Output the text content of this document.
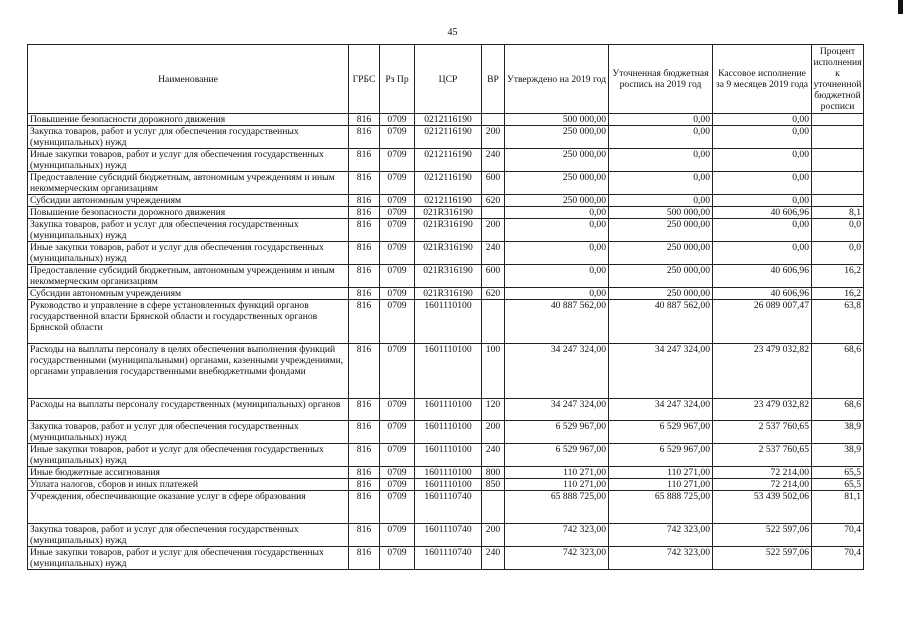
45
Наименование	ГРБС	Рз Пр	ЦСР	ВР	Утверждено на 2019 год	Уточненная бюджетная роспись на 2019 год	Кассовое исполнение за 9 месяцев 2019 года	Процент исполнения к уточненной бюджетной росписи
Повышение безопасности дорожного движения	816	0709	0212116190		500 000,00	0,00	0,00	
Закупка товаров, работ и услуг для обеспечения государственных (муниципальных) нужд	816	0709	0212116190	200	250 000,00	0,00	0,00	
Иные закупки товаров, работ и услуг для обеспечения государственных (муниципальных) нужд	816	0709	0212116190	240	250 000,00	0,00	0,00	
Предоставление субсидий бюджетным, автономным учреждениям и иным некоммерческим организациям	816	0709	0212116190	600	250 000,00	0,00	0,00	
Субсидии автономным учреждениям	816	0709	0212116190	620	250 000,00	0,00	0,00	
Повышение безопасности дорожного движения	816	0709	021R316190		0,00	500 000,00	40 606,96	8,1
Закупка товаров, работ и услуг для обеспечения государственных (муниципальных) нужд	816	0709	021R316190	200	0,00	250 000,00	0,00	0,0
Иные закупки товаров, работ и услуг для обеспечения государственных (муниципальных) нужд	816	0709	021R316190	240	0,00	250 000,00	0,00	0,0
Предоставление субсидий бюджетным, автономным учреждениям и иным некоммерческим организациям	816	0709	021R316190	600	0,00	250 000,00	40 606,96	16,2
Субсидии автономным учреждениям	816	0709	021R316190	620	0,00	250 000,00	40 606,96	16,2
Руководство и управление в сфере установленных функций органов государственной власти Брянской области и государственных органов Брянской области	816	0709	1601110100		40 887 562,00	40 887 562,00	26 089 007,47	63,8
Расходы на выплаты персоналу в целях обеспечения выполнения функций государственными (муниципальными) органами, казенными учреждениями, органами управления государственными внебюджетными фондами	816	0709	1601110100	100	34 247 324,00	34 247 324,00	23 479 032,82	68,6
Расходы на выплаты персоналу государственных (муниципальных) органов	816	0709	1601110100	120	34 247 324,00	34 247 324,00	23 479 032,82	68,6
Закупка товаров, работ и услуг для обеспечения государственных (муниципальных) нужд	816	0709	1601110100	200	6 529 967,00	6 529 967,00	2 537 760,65	38,9
Иные закупки товаров, работ и услуг для обеспечения государственных (муниципальных) нужд	816	0709	1601110100	240	6 529 967,00	6 529 967,00	2 537 760,65	38,9
Иные бюджетные ассигнования	816	0709	1601110100	800	110 271,00	110 271,00	72 214,00	65,5
Уплата налогов, сборов и иных платежей	816	0709	1601110100	850	110 271,00	110 271,00	72 214,00	65,5
Учреждения, обеспечивающие оказание услуг в сфере образования	816	0709	1601110740		65 888 725,00	65 888 725,00	53 439 502,06	81,1
Закупка товаров, работ и услуг для обеспечения государственных (муниципальных) нужд	816	0709	1601110740	200	742 323,00	742 323,00	522 597,06	70,4
Иные закупки товаров, работ и услуг для обеспечения государственных (муниципальных) нужд	816	0709	1601110740	240	742 323,00	742 323,00	522 597,06	70,4
